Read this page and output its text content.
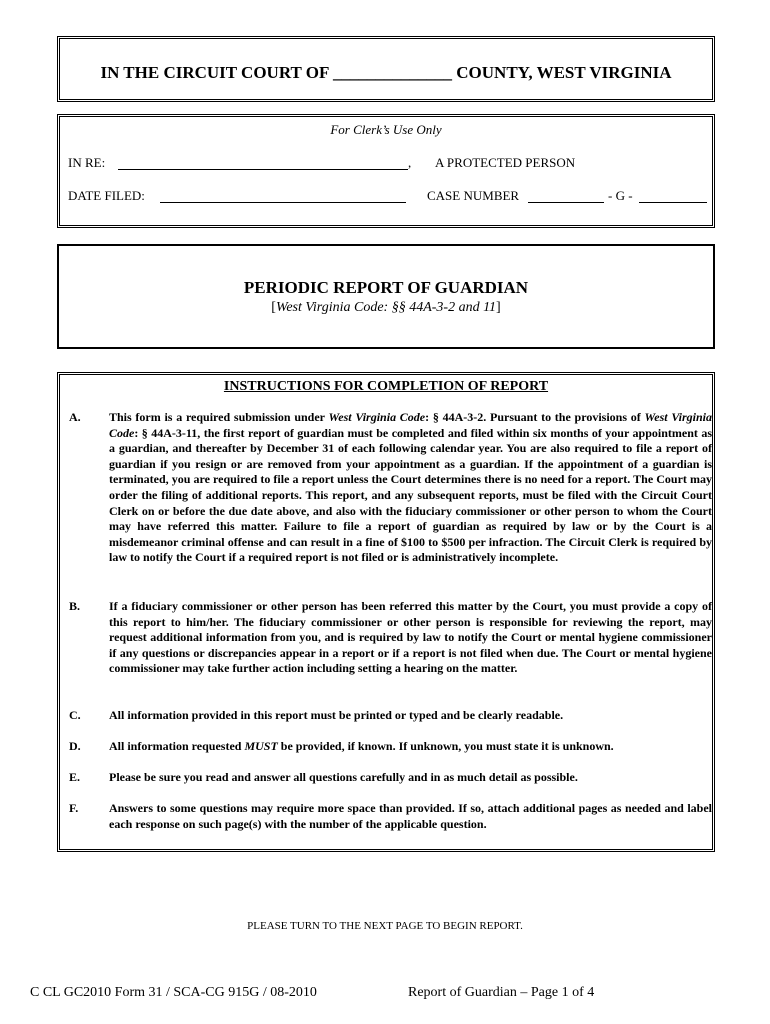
IN THE CIRCUIT COURT OF ______________ COUNTY, WEST VIRGINIA
For Clerk’s Use Only
IN RE:	, A PROTECTED PERSON
DATE FILED:	CASE NUMBER	- G -
PERIODIC REPORT OF GUARDIAN
[West Virginia Code: §§ 44A-3-2 and 11]
INSTRUCTIONS FOR COMPLETION OF REPORT
A. This form is a required submission under West Virginia Code: § 44A-3-2. Pursuant to the provisions of West Virginia Code: § 44A-3-11, the first report of guardian must be completed and filed within six months of your appointment as a guardian, and thereafter by December 31 of each following calendar year. You are also required to file a report of guardian if you resign or are removed from your appointment as a guardian. If the appointment of a guardian is terminated, you are required to file a report unless the Court determines there is no need for a report. The Court may order the filing of additional reports. This report, and any subsequent reports, must be filed with the Circuit Court Clerk on or before the due date above, and also with the fiduciary commissioner or other person to whom the Court may have referred this matter. Failure to file a report of guardian as required by law or by the Court is a misdemeanor criminal offense and can result in a fine of $100 to $500 per infraction. The Circuit Clerk is required by law to notify the Court if a required report is not filed or is administratively incomplete.
B. If a fiduciary commissioner or other person has been referred this matter by the Court, you must provide a copy of this report to him/her. The fiduciary commissioner or other person is responsible for reviewing the report, may request additional information from you, and is required by law to notify the Court or mental hygiene commissioner if any questions or discrepancies appear in a report or if a report is not filed when due. The Court or mental hygiene commissioner may take further action including setting a hearing on the matter.
C. All information provided in this report must be printed or typed and be clearly readable.
D. All information requested MUST be provided, if known. If unknown, you must state it is unknown.
E. Please be sure you read and answer all questions carefully and in as much detail as possible.
F.	Answers to some questions may require more space than provided. If so, attach additional pages as needed and label each response on such page(s) with the number of the applicable question.
PLEASE TURN TO THE NEXT PAGE TO BEGIN REPORT.
C CL GC2010 Form 31 / SCA-CG 915G / 08-2010	Report of Guardian – Page 1 of 4
